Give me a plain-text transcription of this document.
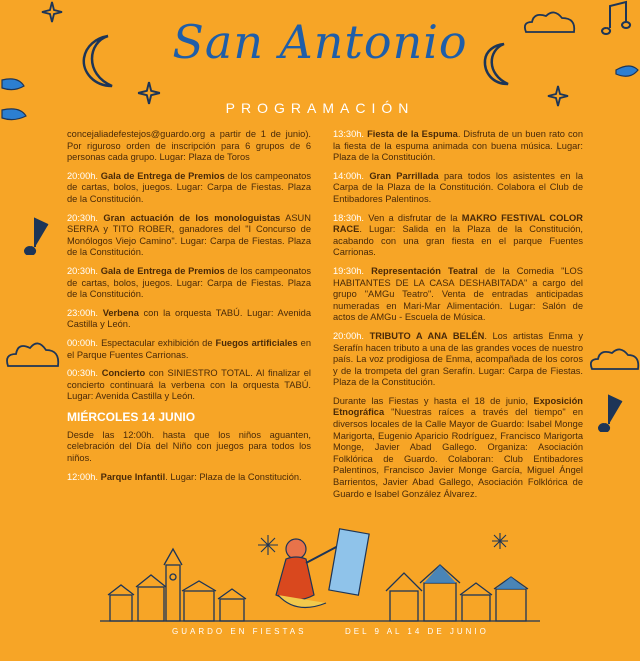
San Antonio
PROGRAMACIÓN
concejaliadefestejos@guardo.org a partir de 1 de junio). Por riguroso orden de inscripción para 6 grupos de 6 personas cada grupo. Lugar: Plaza de Toros
20:00h. Gala de Entrega de Premios de los campeonatos de cartas, bolos, juegos. Lugar: Carpa de Fiestas. Plaza de la Constitución.
20:30h. Gran actuación de los monologuistas ASUN SERRA y TITO ROBER, ganadores del "I Concurso de Monólogos Viejo Camino". Lugar: Carpa de Fiestas. Plaza de la Constitución.
20:30h. Gala de Entrega de Premios de los campeonatos de cartas, bolos, juegos. Lugar: Carpa de Fiestas. Plaza de la Constitución.
23:00h. Verbena con la orquesta TABÚ. Lugar: Avenida Castilla y León.
00:00h. Espectacular exhibición de Fuegos artificiales en el Parque Fuentes Carrionas.
00:30h. Concierto con SINIESTRO TOTAL. Al finalizar el concierto continuará la verbena con la orquesta TABÚ. Lugar: Avenida Castilla y León.
MIÉRCOLES 14 JUNIO
Desde las 12:00h. hasta que los niños aguanten, celebración del Día del Niño con juegos para todos los niños.
12:00h. Parque Infantil. Lugar: Plaza de la Constitución.
13:30h. Fiesta de la Espuma. Disfruta de un buen rato con la fiesta de la espuma animada con buena música. Lugar: Plaza de la Constitución.
14:00h. Gran Parrillada para todos los asistentes en la Carpa de la Plaza de la Constitución. Colabora el Club de Entibadores Palentinos.
18:30h. Ven a disfrutar de la MAKRO FESTIVAL COLOR RACE. Lugar: Salida en la Plaza de la Constitución, acabando con una gran fiesta en el parque Fuentes Carrionas.
19:30h. Representación Teatral de la Comedia "LOS HABITANTES DE LA CASA DESHABITADA" a cargo del grupo "AMGu Teatro". Venta de entradas anticipadas numeradas en Mari-Mar Alimentación. Lugar: Salón de actos de AMGu - Escuela de Música.
20:00h. TRIBUTO A ANA BELÉN. Los artistas Enma y Serafín hacen tributo a una de las grandes voces de nuestro país. La voz prodigiosa de Enma, acompañada de los coros y de la trompeta del gran Serafín. Lugar: Carpa de Fiestas. Plaza de la Constitución.
Durante las Fiestas y hasta el 18 de junio, Exposición Etnográfica "Nuestras raíces a través del tiempo" en diversos locales de la Calle Mayor de Guardo: Isabel Monge Marigorta, Eugenio Aparicio Rodríguez, Francisco Marigorta Monge, Javier Abad Gallego. Organiza: Asociación Folklórica de Guardo. Colaboran: Club Entibadores Palentinos, Francisco Javier Monge García, Miguel Ángel Barrientos, Javier Abad Gallego, Asociación Folklórica de Guardo e Isabel González Álvarez.
GUARDO EN FIESTAS	DEL 9 AL 14 DE JUNIO
